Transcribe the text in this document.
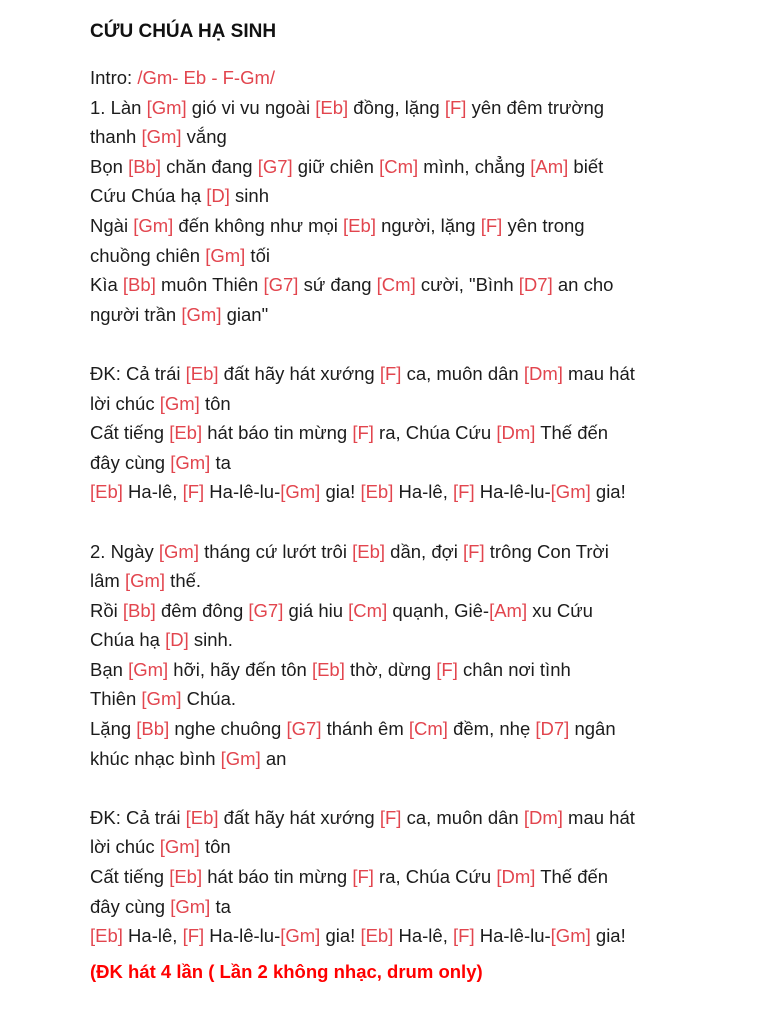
CỨU CHÚA HẠ SINH
Intro: /Gm- Eb - F-Gm/
1. Làn [Gm] gió vi vu ngoài [Eb] đồng, lặng [F] yên đêm trường
thanh [Gm] vắng
Bọn [Bb] chăn đang [G7] giữ chiên [Cm] mình, chẳng [Am] biết
Cứu Chúa hạ [D] sinh
Ngài [Gm] đến không như mọi [Eb] người, lặng [F] yên trong
chuồng chiên [Gm] tối
Kìa [Bb] muôn Thiên [G7] sứ đang [Cm] cười, "Bình [D7] an cho
người trần [Gm] gian"
ĐK: Cả trái [Eb] đất hãy hát xướng [F] ca, muôn dân [Dm] mau hát
lời chúc [Gm] tôn
Cất tiếng [Eb] hát báo tin mừng [F] ra, Chúa Cứu [Dm] Thế đến
đây cùng [Gm] ta
[Eb] Ha-lê, [F] Ha-lê-lu-[Gm] gia! [Eb] Ha-lê, [F] Ha-lê-lu-[Gm] gia!
2. Ngày [Gm] tháng cứ lướt trôi [Eb] dần, đợi [F] trông Con Trời
lâm [Gm] thế.
Rồi [Bb] đêm đông [G7] giá hiu [Cm] quạnh, Giê-[Am] xu Cứu
Chúa hạ [D] sinh.
Bạn [Gm] hỡi, hãy đến tôn [Eb] thờ, dừng [F] chân nơi tình
Thiên [Gm] Chúa.
Lặng [Bb] nghe chuông [G7] thánh êm [Cm] đềm, nhẹ [D7] ngân
khúc nhạc bình [Gm] an
ĐK: Cả trái [Eb] đất hãy hát xướng [F] ca, muôn dân [Dm] mau hát
lời chúc [Gm] tôn
Cất tiếng [Eb] hát báo tin mừng [F] ra, Chúa Cứu [Dm] Thế đến
đây cùng [Gm] ta
[Eb] Ha-lê, [F] Ha-lê-lu-[Gm] gia! [Eb] Ha-lê, [F] Ha-lê-lu-[Gm] gia!
(ĐK hát 4 lần ( Lần 2 không nhạc, drum only)
